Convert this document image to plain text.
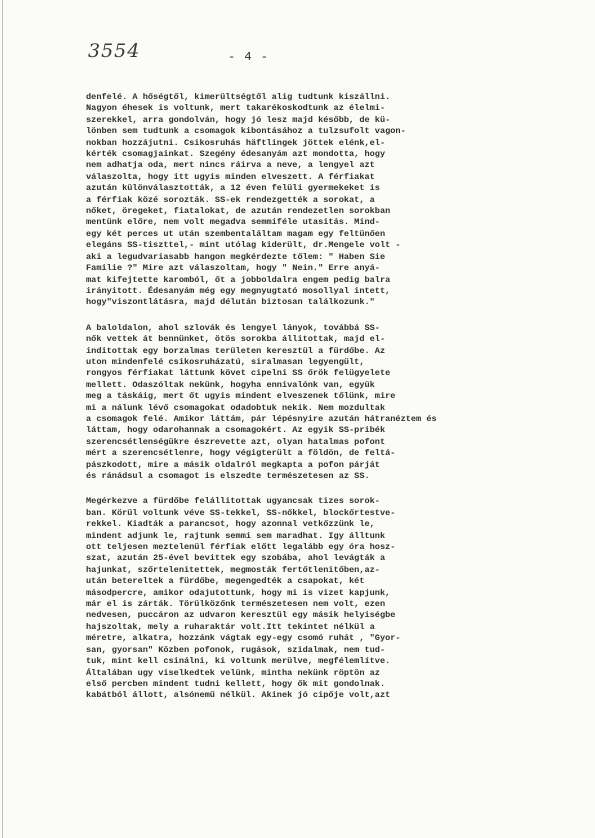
3554	- 4 -
denfelé. A hőségtől, kimerültségtől alig tudtunk kiszállni.
Nagyon éhesek is voltunk, mert takarékoskodtunk az élelmi-
szerekkel, arra gondolván, hogy jó lesz majd később, de kü-
lönben sem tudtunk a csomagok kibontásához a tulzsufolt vagon-
nokban hozzájutni. Csikosruhás häftlingek jöttek elénk,el-
kérték csomagjainkat. Szegény édesanyám azt mondotta, hogy
nem adhatja oda, mert nincs ráirva a neve, a lengyel azt
válaszolta, hogy itt ugyis minden elveszett. A férfiakat
azután különválasztották, a 12 éven felüli gyermekeket is
a férfiak közé sorozták. SS-ek rendezgették a sorokat, a
nőket, öregeket, fiatalokat, de azután rendezetlen sorokban
mentünk előre, nem volt megadva semmiféle utasitás. Mind-
egy két perces ut után szembentaláltam magam egy feltünően
elegáns SS-tiszttel,- mint utólag kiderült, dr.Mengele volt -
aki a legudvariasabb hangon megkérdezte tőlem: " Haben Sie
Familie ?" Mire azt válaszoltam, hogy " Nein." Erre anyá-
mat kifejtette karomból, őt a jobboldalra engem pedig balra
irányitott. Édesanyám még egy megnyugtató mosollyal intett,
hogy"viszontlátásra, majd délután biztosan találkozunk."
A baloldalon, ahol szlovák és lengyel lányok, továbbá SS-
nők vettek át bennünket, ötös sorokba állitottak, majd el-
inditottak egy borzalmas területen keresztül a fürdőbe. Az
uton mindenfelé csikosruházatú, siralmasan legyengült,
rongyos férfiakat láttunk követ cipelni SS őrök felügyelete
mellett. Odaszóltak nekünk, hogyha ennivalónk van, együk
meg a táskáig, mert őt ugyis mindent elveszenek tőlünk, mire
mi a nálunk lévő csomagokat odadobtuk nekik. Nem mozdultak
a csomagok felé. Amikor láttám, pár lépésnyire azután hátranéztem és
láttam, hogy odarohannak a csomagokért. Az egyik SS-pribék
szerencsétlenségükre észrevette azt, olyan hatalmas pofont
mért a szerencsétlenre, hogy végigterült a földön, de feltá-
pászkodott, mire a másik oldalról megkapta a pofon párját
és ránádsul a csomagot is elszedte természetesen az SS.
Megérkezve a fürdőbe felállitottak ugyancsak tizes sorok-
ban. Körül voltunk véve SS-tekkel, SS-nőkkel, blockőrtestve-
rekkel. Kiadták a parancsot, hogy azonnal vetkőzzünk le,
mindent adjunk le, rajtunk semmi sem maradhat. Igy álltunk
ott teljesen meztelenül férfiak előtt legalább egy óra hosz-
szat, azután 25-ével bevittek egy szobába, ahol levágták a
hajunkat, szőrtelenitettek, megmosták fertőtlenitőben,az-
után betereltek a fürdőbe, megengedték a csapokat, két
másodpercre, amikor odajutottunk, hogy mi is vizet kapjunk,
már el is zárták. Törülközőnk természetesen nem volt, ezen
nedvesen, puccáron az udvaron keresztül egy másik helyiségbe
hajszoltak, mely a ruharaktár volt.Itt tekintet nélkül a
méretre, alkatra, hozzánk vágtak egy-egy csomó ruhát , "Gyor-
san, gyorsan" Közben pofonok, rugások, szidalmak, nem tud-
tuk, mint kell csinálni, ki voltunk merülve, megfélemlítve.
Általában ugy viselkedtek velünk, mintha nekünk röptön az
első percben mindent tudni kellett, hogy ők mit gondolnak.
kabátból állott, alsónemű nélkül. Akinek jó cipője volt,azt
